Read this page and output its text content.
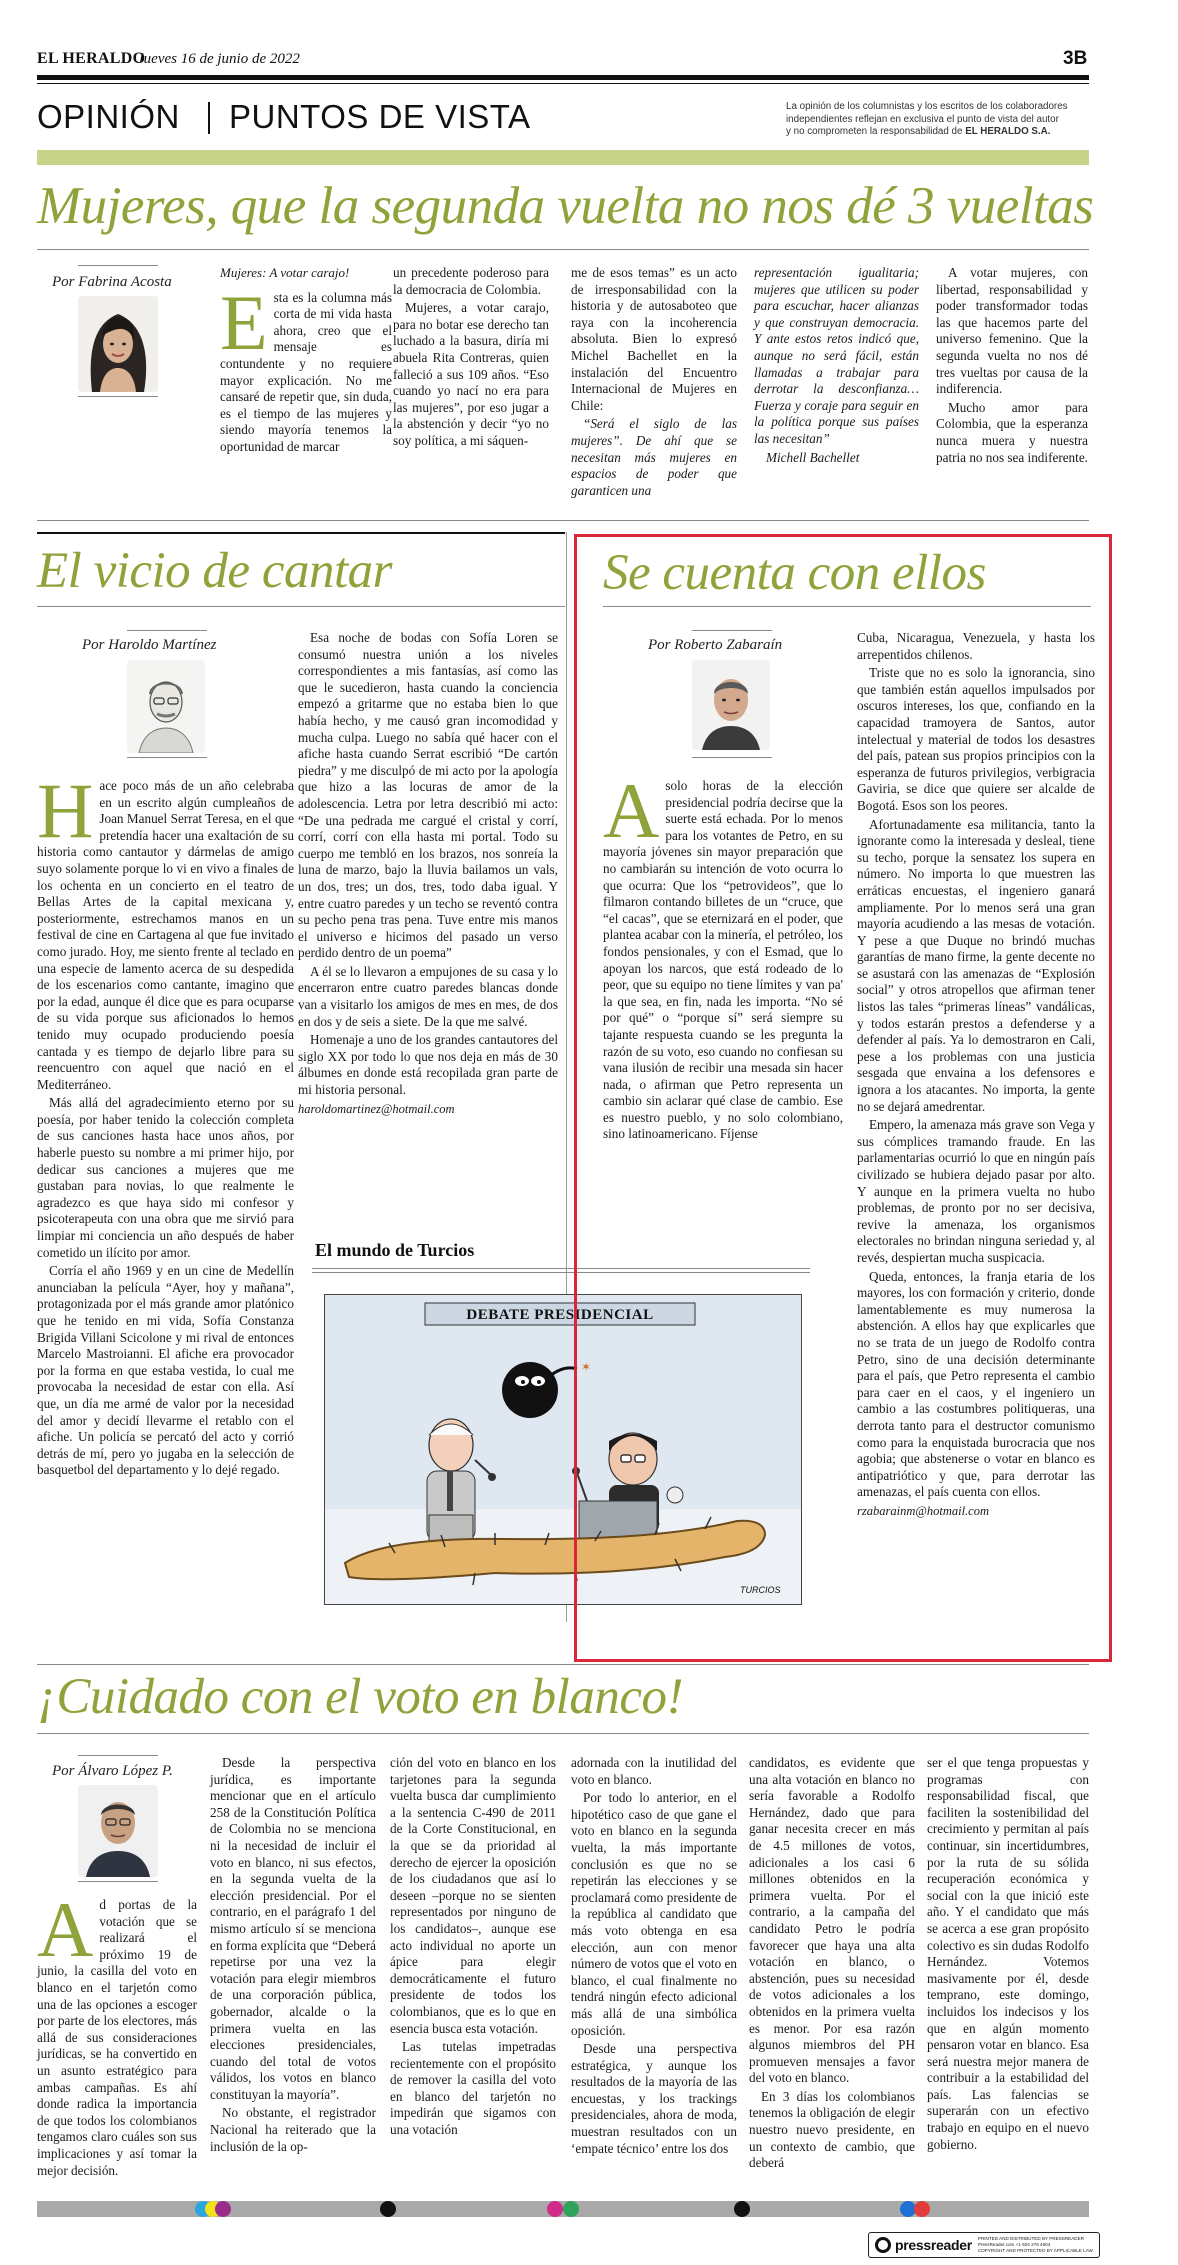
EL HERALDO
Jueves 16 de junio de 2022	3B
OPINIÓN PUNTOS DE VISTA	La opinión de los columnistas y los escritos de los colaboradores
independientes reflejan en exclusiva el punto de vista del autor
y no comprometen la responsabilidad de EL HERALDO S.A.
Mujeres, que la segunda vuelta no nos dé 3 vueltas
Por Fabrina Acosta

Mujeres: A votar carajo!

Esta es la columna más corta de mi vida hasta ahora, creo que el mensaje es contundente y no requiere mayor explicación. No me cansaré de repetir que, sin duda, es el tiempo de las mujeres y siendo mayoría tenemos la oportunidad de marcar

un precedente poderoso para la democracia de Colombia.

Mujeres, a votar carajo, para no botar ese derecho tan luchado a la basura, diría mi abuela Rita Contreras, quien falleció a sus 109 años. “Eso cuando yo nací no era para las mujeres”, por eso jugar a la abstención y decir “yo no soy política, a mi sáquen-

me de esos temas” es un acto de irresponsabilidad con la historia y de autosaboteo que raya con la incoherencia absoluta. Bien lo expresó Michel Bachellet en la instalación del Encuentro Internacional de Mujeres en Chile:

“Será el siglo de las mujeres”. De ahí que se necesitan más mujeres en espacios de poder que garanticen una

representación igualitaria; mujeres que utilicen su poder para escuchar, hacer alianzas y que construyan democracia. Y ante estos retos indicó que, aunque no será fácil, están llamadas a trabajar para derrotar la desconfianza… Fuerza y coraje para seguir en la política porque sus países las necesitan”

Michell Bachellet

A votar mujeres, con libertad, responsabilidad y poder transformador todas las que hacemos parte del universo femenino. Que la segunda vuelta no nos dé tres vueltas por causa de la indiferencia.

Mucho amor para Colombia, que la esperanza nunca muera y nuestra patria no nos sea indiferente.

El vicio de cantar
Por Haroldo Martínez

Hace poco más de un año celebraba en un escrito algún cumpleaños de Joan Manuel Serrat Teresa, en el que pretendía hacer una exaltación de su historia como cantautor y dármelas de amigo suyo solamente porque lo vi en vivo a finales de los ochenta en un concierto en el teatro de Bellas Artes de la capital mexicana y, posteriormente, estrechamos manos en un festival de cine en Cartagena al que fue invitado como jurado. Hoy, me siento frente al teclado en una especie de lamento acerca de su despedida de los escenarios como cantante, imagino que por la edad, aunque él dice que es para ocuparse de su vida porque sus aficionados lo hemos tenido muy ocupado produciendo poesía cantada y es tiempo de dejarlo libre para su reencuentro con aquel que nació en el Mediterráneo.

Más allá del agradecimiento eterno por su poesía, por haber tenido la colección completa de sus canciones hasta hace unos años, por haberle puesto su nombre a mi primer hijo, por dedicar sus canciones a mujeres que me gustaban para novias, lo que realmente le agradezco es que haya sido mi confesor y psicoterapeuta con una obra que me sirvió para limpiar mi conciencia un año después de haber cometido un ilícito por amor.

Corría el año 1969 y en un cine de Medellín anunciaban la película “Ayer, hoy y mañana”, protagonizada por el más grande amor platónico que he tenido en mi vida, Sofía Constanza Brigida Villani Scicolone y mi rival de entonces Marcelo Mastroianni. El afiche era provocador por la forma en que estaba vestida, lo cual me provocaba la necesidad de estar con ella. Así que, un día me armé de valor por la necesidad del amor y decidí llevarme el retablo con el afiche. Un policía se percató del acto y corrió detrás de mí, pero yo jugaba en la selección de basquetbol del departamento y lo dejé regado.

Esa noche de bodas con Sofía Loren se consumó nuestra unión a los niveles correspondientes a mis fantasías, así como las que le sucedieron, hasta cuando la conciencia empezó a gritarme que no estaba bien lo que había hecho, y me causó gran incomodidad y mucha culpa. Luego no sabía qué hacer con el afiche hasta cuando Serrat escribió “De cartón piedra” y me disculpó de mi acto por la apología que hizo a las locuras de amor de la adolescencia. Letra por letra describió mi acto: “De una pedrada me cargué el cristal y corrí, corrí, corrí con ella hasta mi portal. Todo su cuerpo me tembló en los brazos, nos sonreía la luna de marzo, bajo la lluvia bailamos un vals, un dos, tres; un dos, tres, todo daba igual. Y entre cuatro paredes y un techo se reventó contra su pecho pena tras pena. Tuve entre mis manos el universo e hicimos del pasado un verso perdido dentro de un poema”

A él se lo llevaron a empujones de su casa y lo encerraron entre cuatro paredes blancas donde van a visitarlo los amigos de mes en mes, de dos en dos y de seis a siete. De la que me salvé.

Homenaje a uno de los grandes cantautores del siglo XX por todo lo que nos deja en más de 30 álbumes en donde está recopilada gran parte de mi historia personal.

haroldomartinez@hotmail.com

El mundo de Turcios
✶
DEBATE PRESIDENCIAL
TURCIOS
Se cuenta con ellos
Por Roberto Zabaraín

Asolo horas de la elección presidencial podría decirse que la suerte está echada. Por lo menos para los votantes de Petro, en su mayoría jóvenes sin mayor preparación que no cambiarán su intención de voto ocurra lo que ocurra: Que los “petrovideos”, que lo filmaron contando billetes de un “cruce, que “el cacas”, que se eternizará en el poder, que plantea acabar con la minería, el petróleo, los fondos pensionales, y con el Esmad, que lo apoyan los narcos, que está rodeado de lo peor, que su equipo no tiene límites y van pa' la que sea, en fin, nada les importa. “No sé por qué” o “porque sí” será siempre su tajante respuesta cuando se les pregunta la razón de su voto, eso cuando no confiesan su vana ilusión de recibir una mesada sin hacer nada, o afirman que Petro representa un cambio sin aclarar qué clase de cambio. Ese es nuestro pueblo, y no solo colombiano, sino latinoamericano. Fíjense

Cuba, Nicaragua, Venezuela, y hasta los arrepentidos chilenos.

Triste que no es solo la ignorancia, sino que también están aquellos impulsados por oscuros intereses, los que, confiando en la capacidad tramoyera de Santos, autor intelectual y material de todos los desastres del país, patean sus propios principios con la esperanza de futuros privilegios, verbigracia Gaviria, se dice que quiere ser alcalde de Bogotá. Esos son los peores.

Afortunadamente esa militancia, tanto la ignorante como la interesada y desleal, tiene su techo, porque la sensatez los supera en número. No importa lo que muestren las erráticas encuestas, el ingeniero ganará ampliamente. Por lo menos será una gran mayoría acudiendo a las mesas de votación. Y pese a que Duque no brindó muchas garantías de mano firme, la gente decente no se asustará con las amenazas de “Explosión social” y otros atropellos que afirman tener listos las tales “primeras líneas” vandálicas, y todos estarán prestos a defenderse y a defender al país. Ya lo demostraron en Cali, pese a los problemas con una justicia sesgada que envaina a los defensores e ignora a los atacantes. No importa, la gente no se dejará amedrentar.

Empero, la amenaza más grave son Vega y sus cómplices tramando fraude. En las parlamentarias ocurrió lo que en ningún país civilizado se hubiera dejado pasar por alto. Y aunque en la primera vuelta no hubo problemas, de pronto por no ser decisiva, revive la amenaza, los organismos electorales no brindan ninguna seriedad y, al revés, despiertan mucha suspicacia.

Queda, entonces, la franja etaria de los mayores, los con formación y criterio, donde lamentablemente es muy numerosa la abstención. A ellos hay que explicarles que no se trata de un juego de Rodolfo contra Petro, sino de una decisión determinante para el país, que Petro representa el cambio para caer en el caos, y el ingeniero un cambio a las costumbres politiqueras, una derrota tanto para el destructor comunismo como para la enquistada burocracia que nos agobia; que abstenerse o votar en blanco es antipatriótico y que, para derrotar las amenazas, el país cuenta con ellos.

rzabarainm@hotmail.com

¡Cuidado con el voto en blanco!
Por Álvaro López P.

Ad portas de la votación que se realizará el próximo 19 de junio, la casilla del voto en blanco en el tarjetón como una de las opciones a escoger por parte de los electores, más allá de sus consideraciones jurídicas, se ha convertido en un asunto estratégico para ambas campañas. Es ahí donde radica la importancia de que todos los colombianos tengamos claro cuáles son sus implicaciones y así tomar la mejor decisión.

Desde la perspectiva jurídica, es importante mencionar que en el artículo 258 de la Constitución Política de Colombia no se menciona ni la necesidad de incluir el voto en blanco, ni sus efectos, en la segunda vuelta de la elección presidencial. Por el contrario, en el parágrafo 1 del mismo artículo sí se menciona en forma explícita que “Deberá repetirse por una vez la votación para elegir miembros de una corporación pública, gobernador, alcalde o la primera vuelta en las elecciones presidenciales, cuando del total de votos válidos, los votos en blanco constituyan la mayoría”.

No obstante, el registrador Nacional ha reiterado que la inclusión de la op-

ción del voto en blanco en los tarjetones para la segunda vuelta busca dar cumplimiento a la sentencia C-490 de 2011 de la Corte Constitucional, en la que se da prioridad al derecho de ejercer la oposición de los ciudadanos que así lo deseen –porque no se sienten representados por ninguno de los candidatos–, aunque ese acto individual no aporte un ápice para elegir democráticamente el futuro presidente de todos los colombianos, que es lo que en esencia busca esta votación.

Las tutelas impetradas recientemente con el propósito de remover la casilla del voto en blanco del tarjetón no impedirán que sigamos con una votación

adornada con la inutilidad del voto en blanco.

Por todo lo anterior, en el hipotético caso de que gane el voto en blanco en la segunda vuelta, la más importante conclusión es que no se repetirán las elecciones y se proclamará como presidente de la república al candidato que más voto obtenga en esa elección, aun con menor número de votos que el voto en blanco, el cual finalmente no tendrá ningún efecto adicional más allá de una simbólica oposición.

Desde una perspectiva estratégica, y aunque los resultados de la mayoría de las encuestas, y los trackings presidenciales, ahora de moda, muestran resultados con un ‘empate técnico’ entre los dos

candidatos, es evidente que una alta votación en blanco no sería favorable a Rodolfo Hernández, dado que para ganar necesita crecer en más de 4.5 millones de votos, adicionales a los casi 6 millones obtenidos en la primera vuelta. Por el contrario, a la campaña del candidato Petro le podría favorecer que haya una alta votación en blanco, o abstención, pues su necesidad de votos adicionales a los obtenidos en la primera vuelta es menor. Por esa razón algunos miembros del PH promueven mensajes a favor del voto en blanco.

En 3 días los colombianos tenemos la obligación de elegir nuestro nuevo presidente, en un contexto de cambio, que deberá

ser el que tenga propuestas y programas con responsabilidad fiscal, que faciliten la sostenibilidad del crecimiento y permitan al país continuar, sin incertidumbres, por la ruta de su sólida recuperación económica y social con la que inició este año. Y el candidato que más se acerca a ese gran propósito colectivo es sin dudas Rodolfo Hernández. Votemos masivamente por él, desde temprano, este domingo, incluidos los indecisos y los que en algún momento pensaron votar en blanco. Esa será nuestra mejor manera de contribuir a la estabilidad del país. Las falencias se superarán con un efectivo trabajo en equipo en el nuevo gobierno.

pressreader PRINTED AND DISTRIBUTED BY PRESSREADER
PressReader.com +1 604 278 4604
COPYRIGHT AND PROTECTED BY APPLICABLE LAW
